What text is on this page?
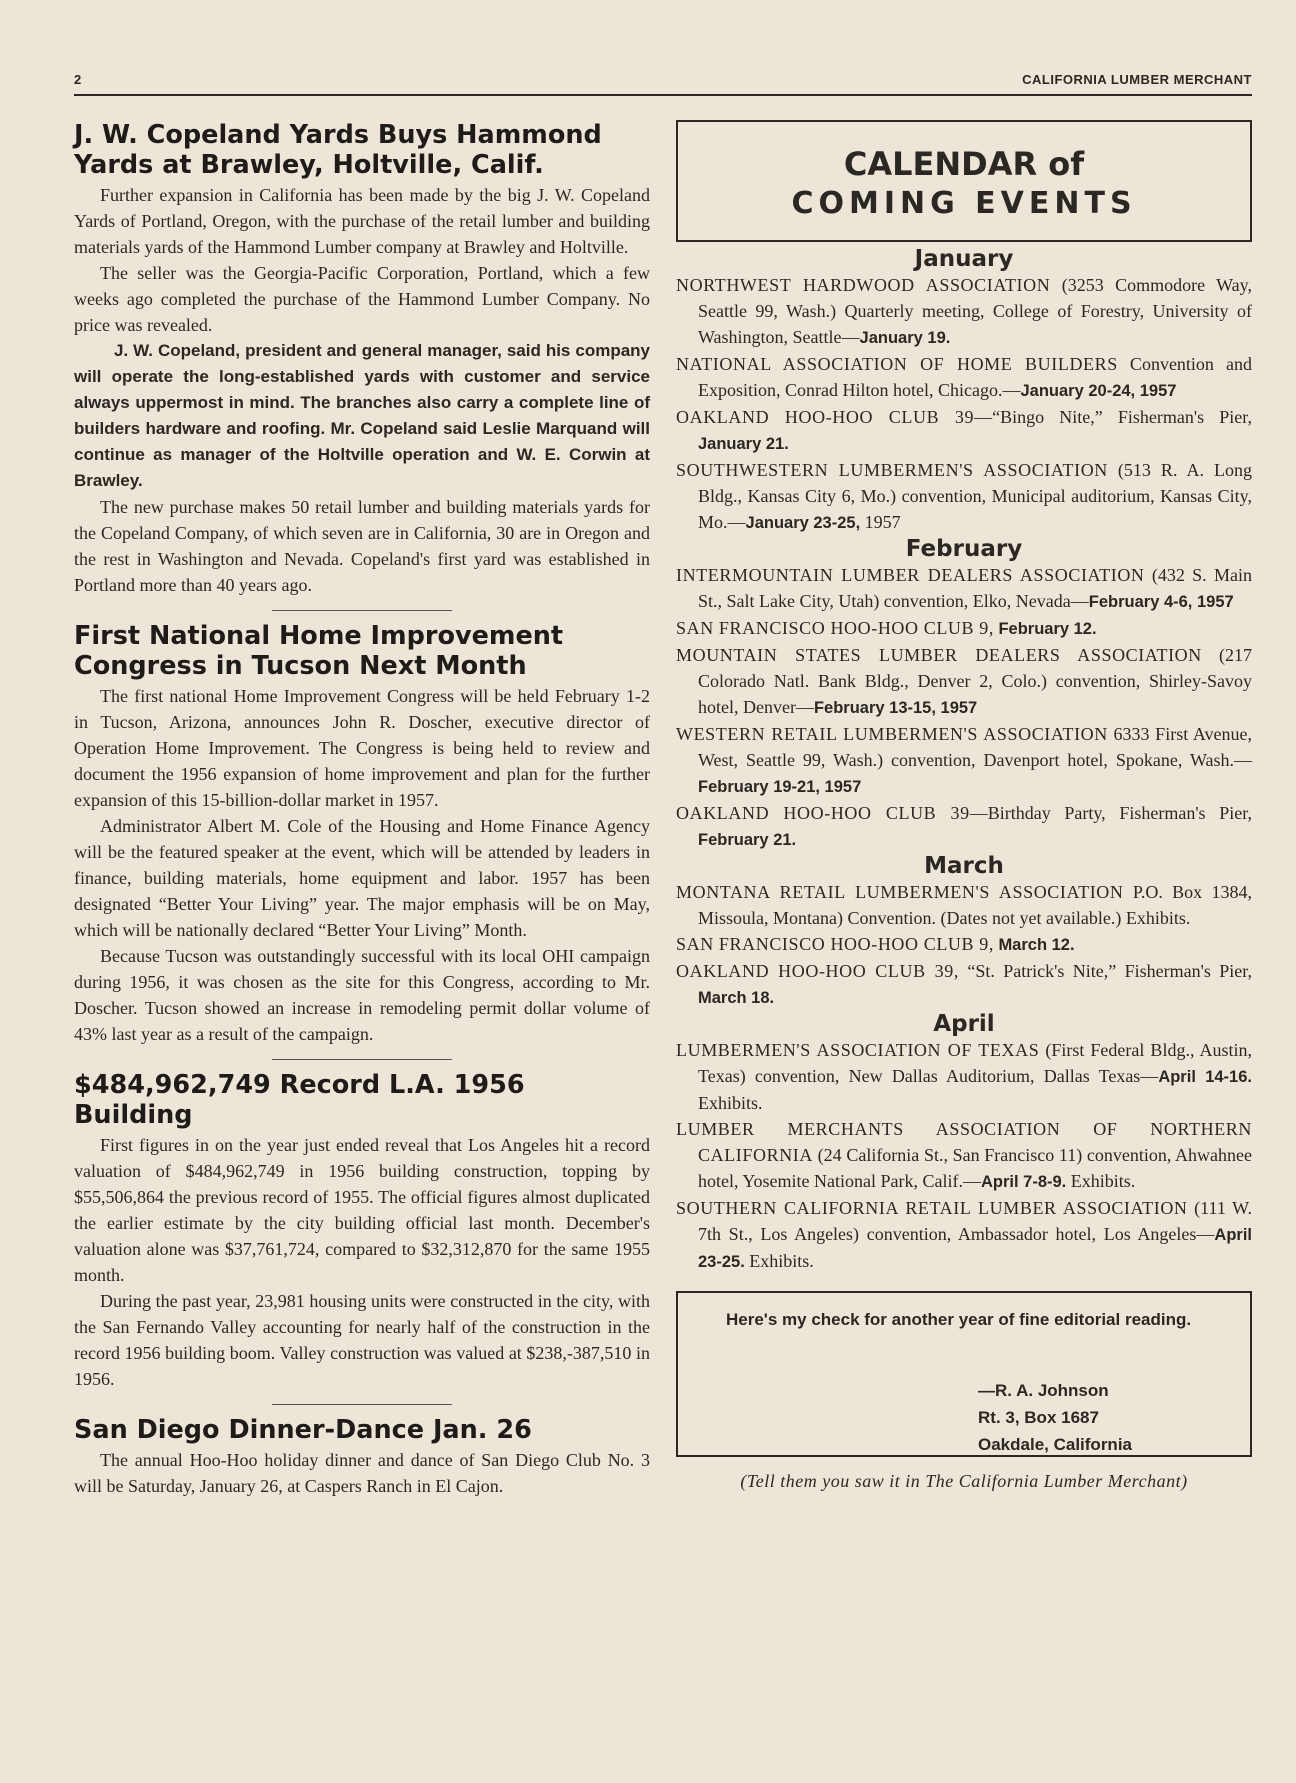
2	CALIFORNIA LUMBER MERCHANT
J. W. Copeland Yards Buys Hammond
Yards at Brawley, Holtville, Calif.

Further expansion in California has been made by the big J. W. Copeland Yards of Portland, Oregon, with the purchase of the retail lumber and building materials yards of the Hammond Lumber company at Brawley and Holtville.

The seller was the Georgia-Pacific Corporation, Portland, which a few weeks ago completed the purchase of the Hammond Lumber Company. No price was revealed.

J. W. Copeland, president and general manager, said his company will operate the long-established yards with customer and service always uppermost in mind. The branches also carry a complete line of builders hardware and roofing. Mr. Copeland said Leslie Marquand will continue as manager of the Holtville operation and W. E. Corwin at Brawley.

The new purchase makes 50 retail lumber and building materials yards for the Copeland Company, of which seven are in California, 30 are in Oregon and the rest in Washington and Nevada. Copeland's first yard was established in Portland more than 40 years ago.

First National Home Improvement
Congress in Tucson Next Month

The first national Home Improvement Congress will be held February 1-2 in Tucson, Arizona, announces John R. Doscher, executive director of Operation Home Improvement. The Congress is being held to review and document the 1956 expansion of home improvement and plan for the further expansion of this 15-billion-dollar market in 1957.

Administrator Albert M. Cole of the Housing and Home Finance Agency will be the featured speaker at the event, which will be attended by leaders in finance, building materials, home equipment and labor. 1957 has been designated “Better Your Living” year. The major emphasis will be on May, which will be nationally declared “Better Your Living” Month.

Because Tucson was outstandingly successful with its local OHI campaign during 1956, it was chosen as the site for this Congress, according to Mr. Doscher. Tucson showed an increase in remodeling permit dollar volume of 43% last year as a result of the campaign.

$484,962,749 Record L.A. 1956 Building

First figures in on the year just ended reveal that Los Angeles hit a record valuation of $484,962,749 in 1956 building construction, topping by $55,506,864 the previous record of 1955. The official figures almost duplicated the earlier estimate by the city building official last month. December's valuation alone was $37,761,724, compared to $32,312,870 for the same 1955 month.

During the past year, 23,981 housing units were constructed in the city, with the San Fernando Valley accounting for nearly half of the construction in the record 1956 building boom. Valley construction was valued at $238,-387,510 in 1956.

San Diego Dinner-Dance Jan. 26

The annual Hoo-Hoo holiday dinner and dance of San Diego Club No. 3 will be Saturday, January 26, at Caspers Ranch in El Cajon.

CALENDAR of
COMING EVENTS
January
NORTHWEST HARDWOOD ASSOCIATION (3253 Commodore Way, Seattle 99, Wash.) Quarterly meeting, College of Forestry, University of Washington, Seattle—January 19.
NATIONAL ASSOCIATION OF HOME BUILDERS Convention and Exposition, Conrad Hilton hotel, Chicago.—January 20-24, 1957
OAKLAND HOO-HOO CLUB 39—“Bingo Nite,” Fisherman's Pier, January 21.
SOUTHWESTERN LUMBERMEN'S ASSOCIATION (513 R. A. Long Bldg., Kansas City 6, Mo.) convention, Municipal auditorium, Kansas City, Mo.—January 23-25, 1957
February
INTERMOUNTAIN LUMBER DEALERS ASSOCIATION (432 S. Main St., Salt Lake City, Utah) convention, Elko, Nevada—February 4-6, 1957
SAN FRANCISCO HOO-HOO CLUB 9, February 12.
MOUNTAIN STATES LUMBER DEALERS ASSOCIATION (217 Colorado Natl. Bank Bldg., Denver 2, Colo.) convention, Shirley-Savoy hotel, Denver—February 13-15, 1957
WESTERN RETAIL LUMBERMEN'S ASSOCIATION 6333 First Avenue, West, Seattle 99, Wash.) convention, Davenport hotel, Spokane, Wash.—February 19-21, 1957
OAKLAND HOO-HOO CLUB 39—Birthday Party, Fisherman's Pier, February 21.
March
MONTANA RETAIL LUMBERMEN'S ASSOCIATION P.O. Box 1384, Missoula, Montana) Convention. (Dates not yet available.) Exhibits.
SAN FRANCISCO HOO-HOO CLUB 9, March 12.
OAKLAND HOO-HOO CLUB 39, “St. Patrick's Nite,” Fisherman's Pier, March 18.
April
LUMBERMEN'S ASSOCIATION OF TEXAS (First Federal Bldg., Austin, Texas) convention, New Dallas Auditorium, Dallas Texas—April 14-16. Exhibits.
LUMBER MERCHANTS ASSOCIATION OF NORTHERN CALIFORNIA (24 California St., San Francisco 11) convention, Ahwahnee hotel, Yosemite National Park, Calif.—April 7-8-9. Exhibits.
SOUTHERN CALIFORNIA RETAIL LUMBER ASSOCIATION (111 W. 7th St., Los Angeles) convention, Ambassador hotel, Los Angeles—April 23-25. Exhibits.
Here's my check for another year of fine editorial reading.
—R. A. Johnson
Rt. 3, Box 1687
Oakdale, California
(Tell them you saw it in The California Lumber Merchant)
